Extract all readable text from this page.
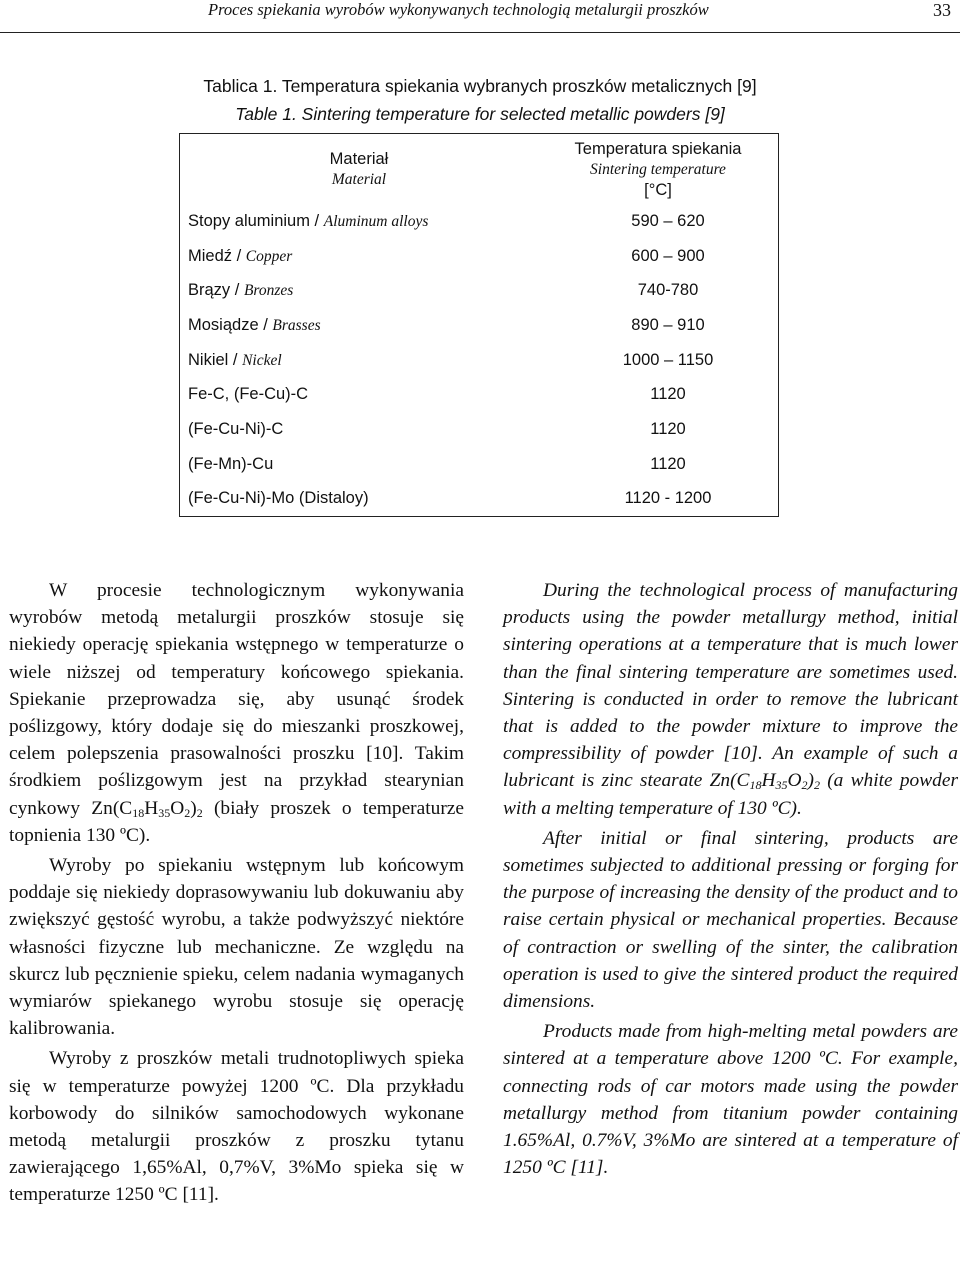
Proces spiekania wyrobów wykonywanych technologią metalurgii proszków	33
Tablica 1. Temperatura spiekania wybranych proszków metalicznych [9]
Table 1. Sintering temperature for selected metallic powders [9]
Materiał
Material	Temperatura spiekania
Sintering temperature
[°C]

Stopy aluminium / Aluminum alloys	590 – 620
Miedź / Copper	600 – 900
Brązy / Bronzes	740-780
Mosiądze / Brasses	890 – 910
Nikiel / Nickel	1000 – 1150
Fe-C, (Fe-Cu)-C	1120
(Fe-Cu-Ni)-C	1120
(Fe-Mn)-Cu	1120
(Fe-Cu-Ni)-Mo (Distaloy)	1120 - 1200

W procesie technologicznym wykonywania wyrobów metodą metalurgii proszków stosuje się niekiedy operację spiekania wstępnego w temperaturze o wiele niższej od temperatury końcowego spiekania. Spiekanie przeprowadza się, aby usunąć środek poślizgowy, który dodaje się do mieszanki proszkowej, celem polepszenia prasowalności proszku [10]. Takim środkiem poślizgowym jest na przykład stearynian cynkowy $Zn(C_{18}H_{35}O_2)_2$ (biały proszek o temperaturze topnienia 130 ºC).

Wyroby po spiekaniu wstępnym lub końcowym poddaje się niekiedy doprasowywaniu lub dokuwaniu aby zwiększyć gęstość wyrobu, a także podwyższyć niektóre własności fizyczne lub mechaniczne. Ze względu na skurcz lub pęcznienie spieku, celem nadania wymaganych wymiarów spiekanego wyrobu stosuje się operację kalibrowania.

Wyroby z proszków metali trudnotopliwych spieka się w temperaturze powyżej 1200 ºC. Dla przykładu korbowody do silników samochodowych wykonane metodą metalurgii proszków z proszku tytanu zawierającego 1,65%Al, 0,7%V, 3%Mo spieka się w temperaturze 1250 ºC [11].

During the technological process of manufacturing products using the powder metallurgy method, initial sintering operations at a temperature that is much lower than the final sintering temperature are sometimes used. Sintering is conducted in order to remove the lubricant that is added to the powder mixture to improve the compressibility of powder [10]. An example of such a lubricant is zinc stearate $Zn(C_{18}H_{35}O_2)_2$ (a white powder with a melting temperature of 130 ºC).

After initial or final sintering, products are sometimes subjected to additional pressing or forging for the purpose of increasing the density of the product and to raise certain physical or mechanical properties. Because of contraction or swelling of the sinter, the calibration operation is used to give the sintered product the required dimensions.

Products made from high-melting metal powders are sintered at a temperature above 1200 ºC. For example, connecting rods of car motors made using the powder metallurgy method from titanium powder containing 1.65%Al, 0.7%V, 3%Mo are sintered at a temperature of 1250 ºC [11].
